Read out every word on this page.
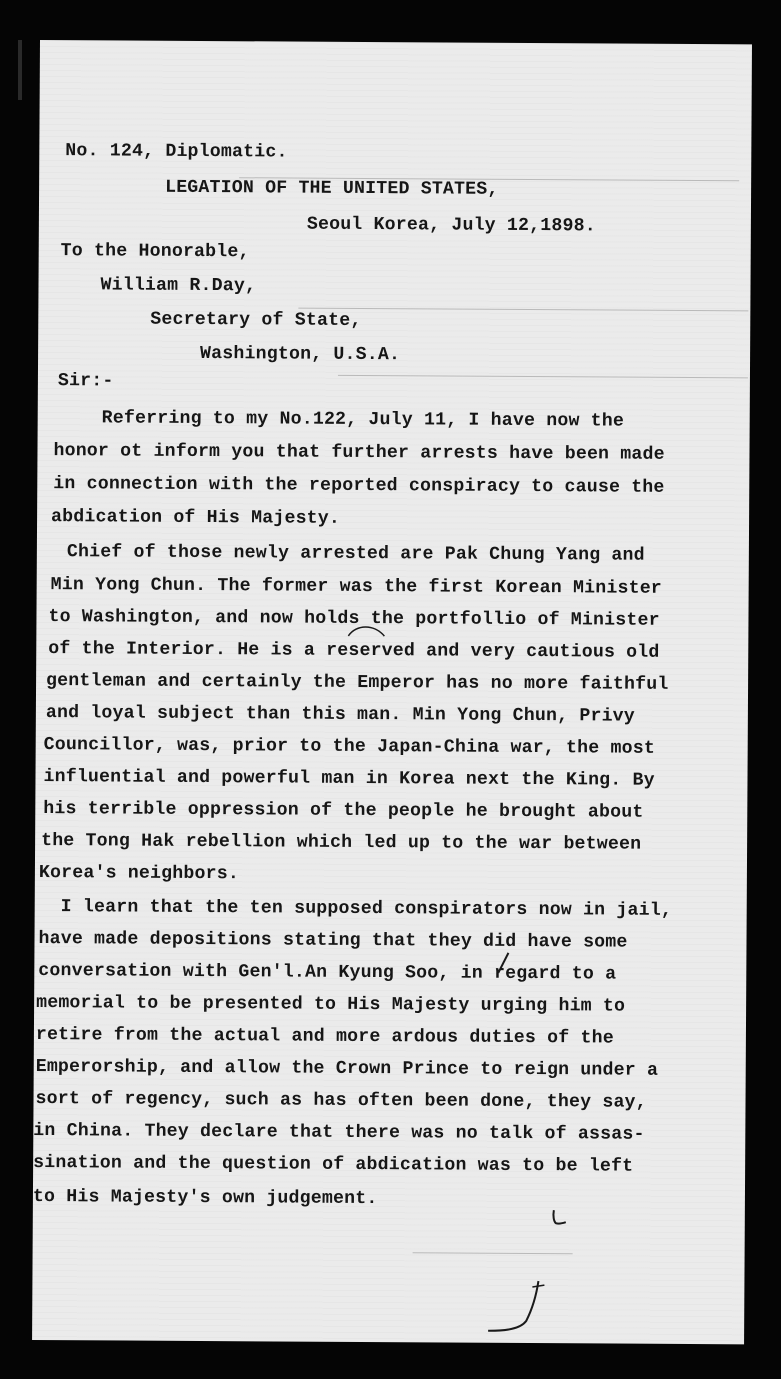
No. 124, Diplomatic.

LEGATION OF THE UNITED STATES,

Seoul Korea, July 12,1898.

To the Honorable,

William R.Day,

Secretary of State,

Washington, U.S.A.

Sir:-

Referring to my No.122, July 11, I have now the

honor ot inform you that further arrests have been made

in connection with the reported conspiracy to cause the

abdication of His Majesty.

Chief of those newly arrested are Pak Chung Yang and

Min Yong Chun. The former was the first Korean Minister

to Washington, and now holds the portfollio of Minister

of the Interior. He is a reserved and very cautious old

gentleman and certainly the Emperor has no more faithful

and loyal subject than this man. Min Yong Chun, Privy

Councillor, was, prior to the Japan-China war, the most

influential and powerful man in Korea next the King. By

his terrible oppression of the people he brought about

the Tong Hak rebellion which led up to the war between

Korea's neighbors.

I learn that the ten supposed conspirators now in jail,

have made depositions stating that they did have some

conversation with Gen'l.An Kyung Soo, in regard to a

memorial to be presented to His Majesty urging him to

retire from the actual and more ardous duties of the

Emperorship, and allow the Crown Prince to reign under a

sort of regency, such as has often been done, they say,

in China. They declare that there was no talk of assas-

sination and the question of abdication was to be left

to His Majesty's own judgement.
